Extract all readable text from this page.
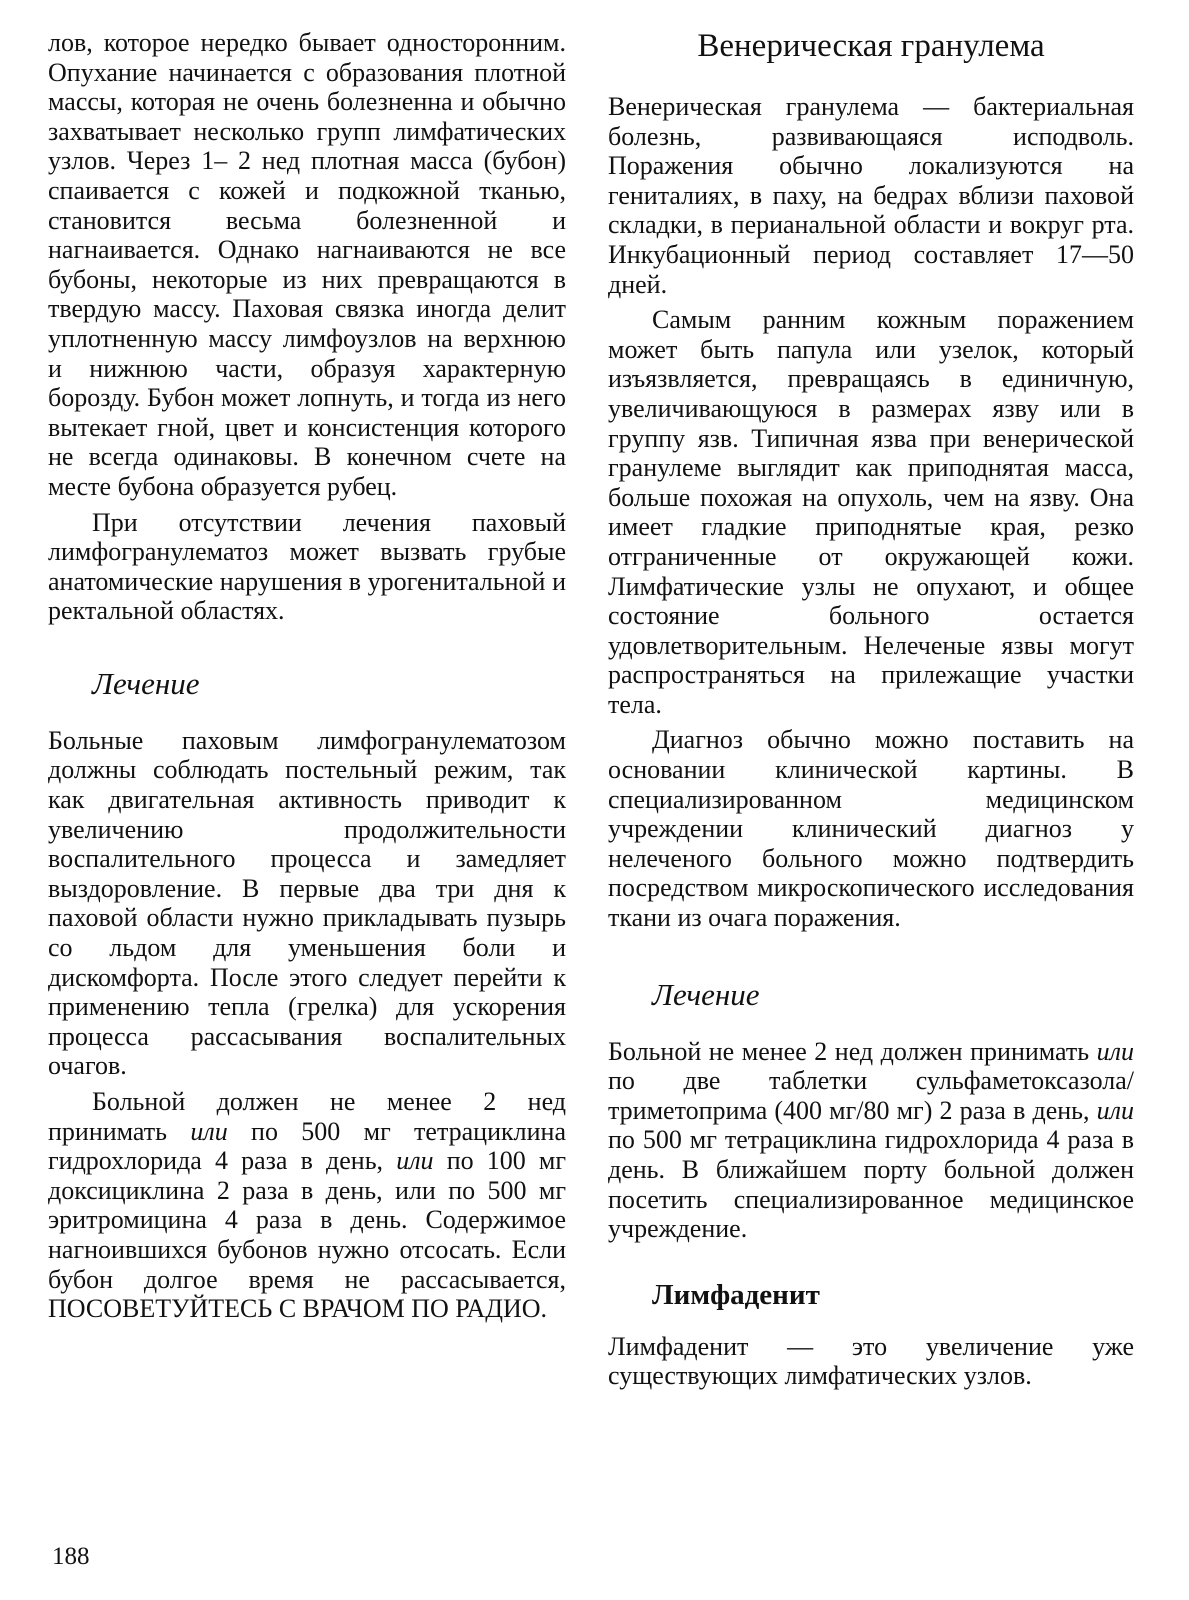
лов, которое нередко бывает односторонним. Опухание начинается с образования плотной массы, которая не очень болезненна и обычно захватывает несколько групп лимфатических узлов. Через 1– 2 нед плотная масса (бубон) спаивается с кожей и подкожной тканью, становится весьма болезненной и нагнаивается. Однако нагнаиваются не все бубоны, некоторые из них превращаются в твердую массу. Паховая связка иногда делит уплотненную массу лимфоузлов на верхнюю и нижнюю части, образуя характерную борозду. Бубон может лопнуть, и тогда из него вытекает гной, цвет и консистенция которого не всегда одинаковы. В конечном счете на месте бубона образуется рубец.

При отсутствии лечения паховый лимфогранулематоз может вызвать грубые анатомические нарушения в урогенитальной и ректальной областях.

Лечение

Больные паховым лимфогранулематозом должны соблюдать постельный режим, так как двигательная активность приводит к увеличению продолжительности воспалительного процесса и замедляет выздоровление. В первые два три дня к паховой области нужно прикладывать пузырь со льдом для уменьшения боли и дискомфорта. После этого следует перейти к применению тепла (грелка) для ускорения процесса рассасывания воспалительных очагов.

Больной должен не менее 2 нед принимать или по 500 мг тетрациклина гидрохлорида 4 раза в день, или по 100 мг доксициклина 2 раза в день, или по 500 мг эритромицина 4 раза в день. Содержимое нагноившихся бубонов нужно отсосать. Если бубон долгое время не рассасывается, ПОСОВЕТУЙТЕСЬ С ВРАЧОМ ПО РАДИО.

Венерическая гранулема

Венерическая гранулема — бактериальная болезнь, развивающаяся исподволь. Поражения обычно локализуются на гениталиях, в паху, на бедрах вблизи паховой складки, в перианальной области и вокруг рта. Инкубационный период составляет 17—50 дней.

Самым ранним кожным поражением может быть папула или узелок, который изъязвляется, превращаясь в единичную, увеличивающуюся в размерах язву или в группу язв. Типичная язва при венерической гранулеме выглядит как приподнятая масса, больше похожая на опухоль, чем на язву. Она имеет гладкие приподнятые края, резко отграниченные от окружающей кожи. Лимфатические узлы не опухают, и общее состояние больного остается удовлетворительным. Нелеченые язвы могут распространяться на прилежащие участки тела.

Диагноз обычно можно поставить на основании клинической картины. В специализированном медицинском учреждении клинический диагноз у нелеченого больного можно подтвердить посредством микроскопического исследования ткани из очага поражения.

Лечение

Больной не менее 2 нед должен принимать или по две таблетки сульфаметоксазола/триметоприма (400 мг/80 мг) 2 раза в день, или по 500 мг тетрациклина гидрохлорида 4 раза в день. В ближайшем порту больной должен посетить специализированное медицинское учреждение.

Лимфаденит

Лимфаденит — это увеличение уже существующих лимфатических узлов.

188
